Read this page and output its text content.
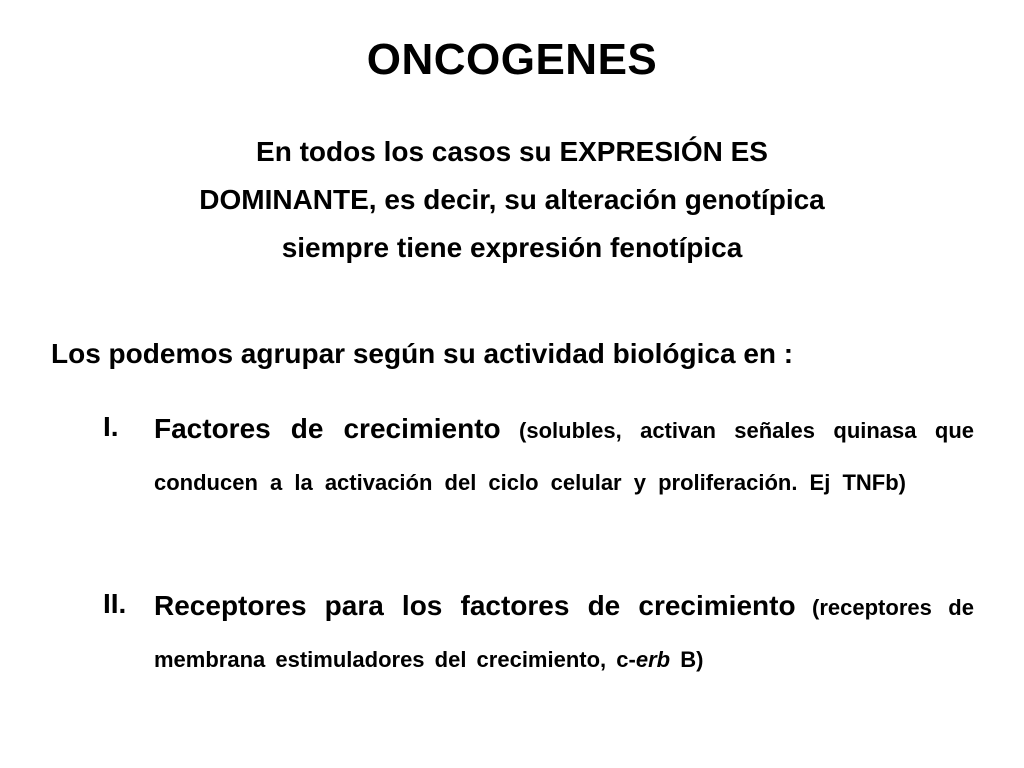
ONCOGENES
En todos los casos su EXPRESIÓN ES
DOMINANTE, es decir, su alteración genotípica
siempre tiene expresión fenotípica
Los podemos agrupar según su actividad biológica en :
I. Factores de crecimiento (solubles, activan señales quinasa que conducen a la activación del ciclo celular y proliferación. Ej TNFb)
II. Receptores para los factores de crecimiento (receptores de membrana estimuladores del crecimiento, c-erb B)
